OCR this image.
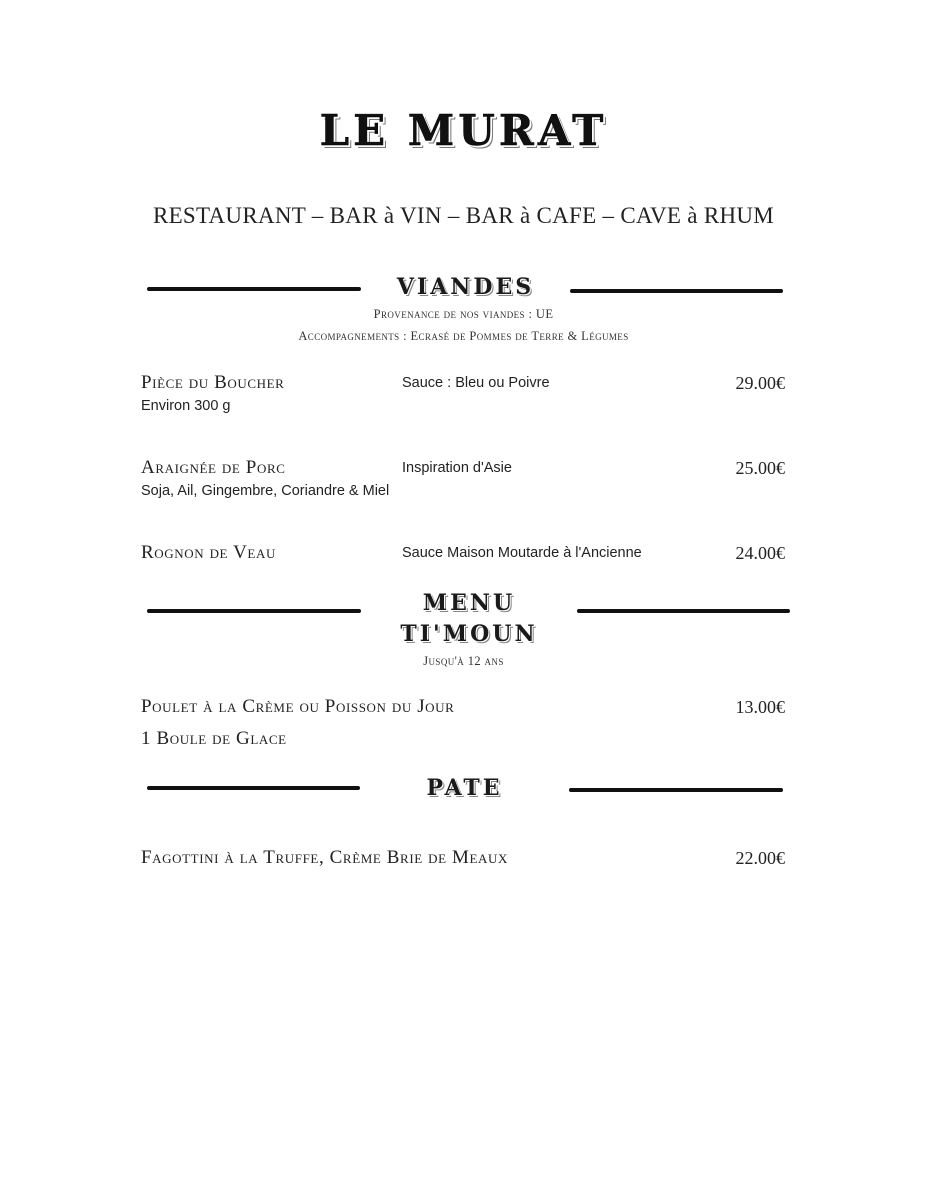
LE MURAT
RESTAURANT – BAR à VIN – BAR à CAFE – CAVE à RHUM
VIANDES
Provenance de nos viandes : UE
Accompagnements : Ecrasé de Pommes de Terre & Légumes
Pièce du Boucher	Sauce : Bleu ou Poivre	29.00€
Environ 300 g
Araignée de Porc	Inspiration d'Asie	25.00€
Soja, Ail, Gingembre, Coriandre & Miel
Rognon de Veau	Sauce Maison Moutarde à l'Ancienne	24.00€
MENU
TI'MOUN
Jusqu'à 12 ans
Poulet à la Crème ou Poisson du Jour	13.00€
1 Boule de Glace
PATE
Fagottini à la Truffe, Crème Brie de Meaux	22.00€
